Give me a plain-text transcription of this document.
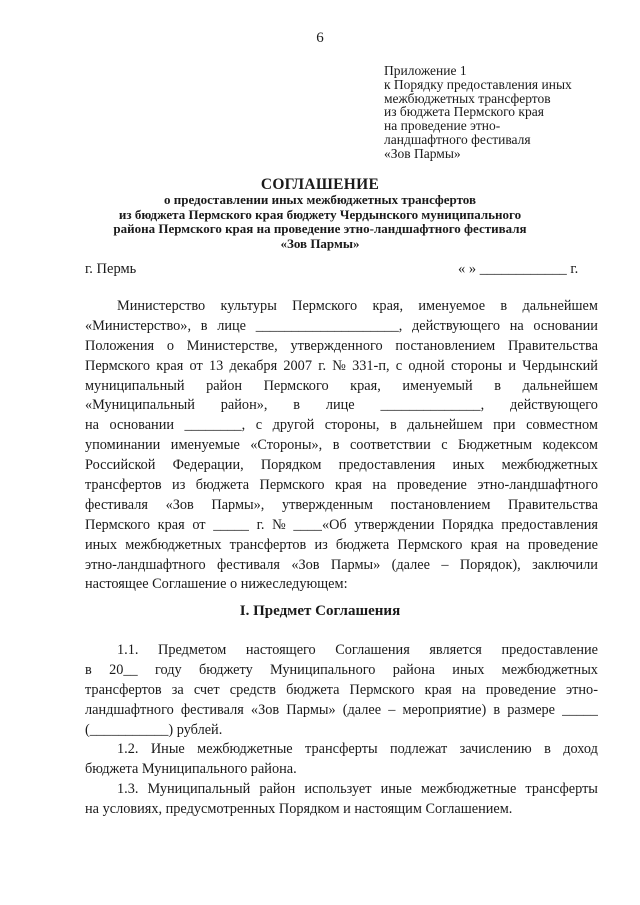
6
Приложение 1
к Порядку предоставления иных
межбюджетных трансфертов
из бюджета Пермского края
на проведение этно-
ландшафтного фестиваля
«Зов Пармы»
СОГЛАШЕНИЕ
о предоставлении иных межбюджетных трансфертов
из бюджета Пермского края бюджету Чердынского муниципального
района Пермского края на проведение этно-ландшафтного фестиваля
«Зов Пармы»
г. Пермь	« » ____________ г.
Министерство культуры Пермского края, именуемое в дальнейшем
«Министерство», в лице ____________________, действующего на основании
Положения о Министерстве, утвержденного постановлением Правительства
Пермского края от 13 декабря 2007 г. № 331-п, с одной стороны и Чердынский
муниципальный район Пермского края, именуемый в дальнейшем
«Муниципальный район», в лице ______________, действующего
на основании ________, с другой стороны, в дальнейшем при совместном
упоминании именуемые «Стороны», в соответствии с Бюджетным кодексом
Российской Федерации, Порядком предоставления иных межбюджетных
трансфертов из бюджета Пермского края на проведение этно-ландшафтного
фестиваля «Зов Пармы», утвержденным постановлением Правительства
Пермского края от _____ г. № ____«Об утверждении Порядка предоставления
иных межбюджетных трансфертов из бюджета Пермского края на проведение
этно-ландшафтного фестиваля «Зов Пармы» (далее – Порядок), заключили
настоящее Соглашение о нижеследующем:
I. Предмет Соглашения
1.1. Предметом настоящего Соглашения является предоставление
в 20__ году бюджету Муниципального района иных межбюджетных
трансфертов за счет средств бюджета Пермского края на проведение этно-
ландшафтного фестиваля «Зов Пармы» (далее – мероприятие) в размере _____
(___________) рублей.
1.2. Иные межбюджетные трансферты подлежат зачислению в доход
бюджета Муниципального района.
1.3. Муниципальный район использует иные межбюджетные трансферты
на условиях, предусмотренных Порядком и настоящим Соглашением.
